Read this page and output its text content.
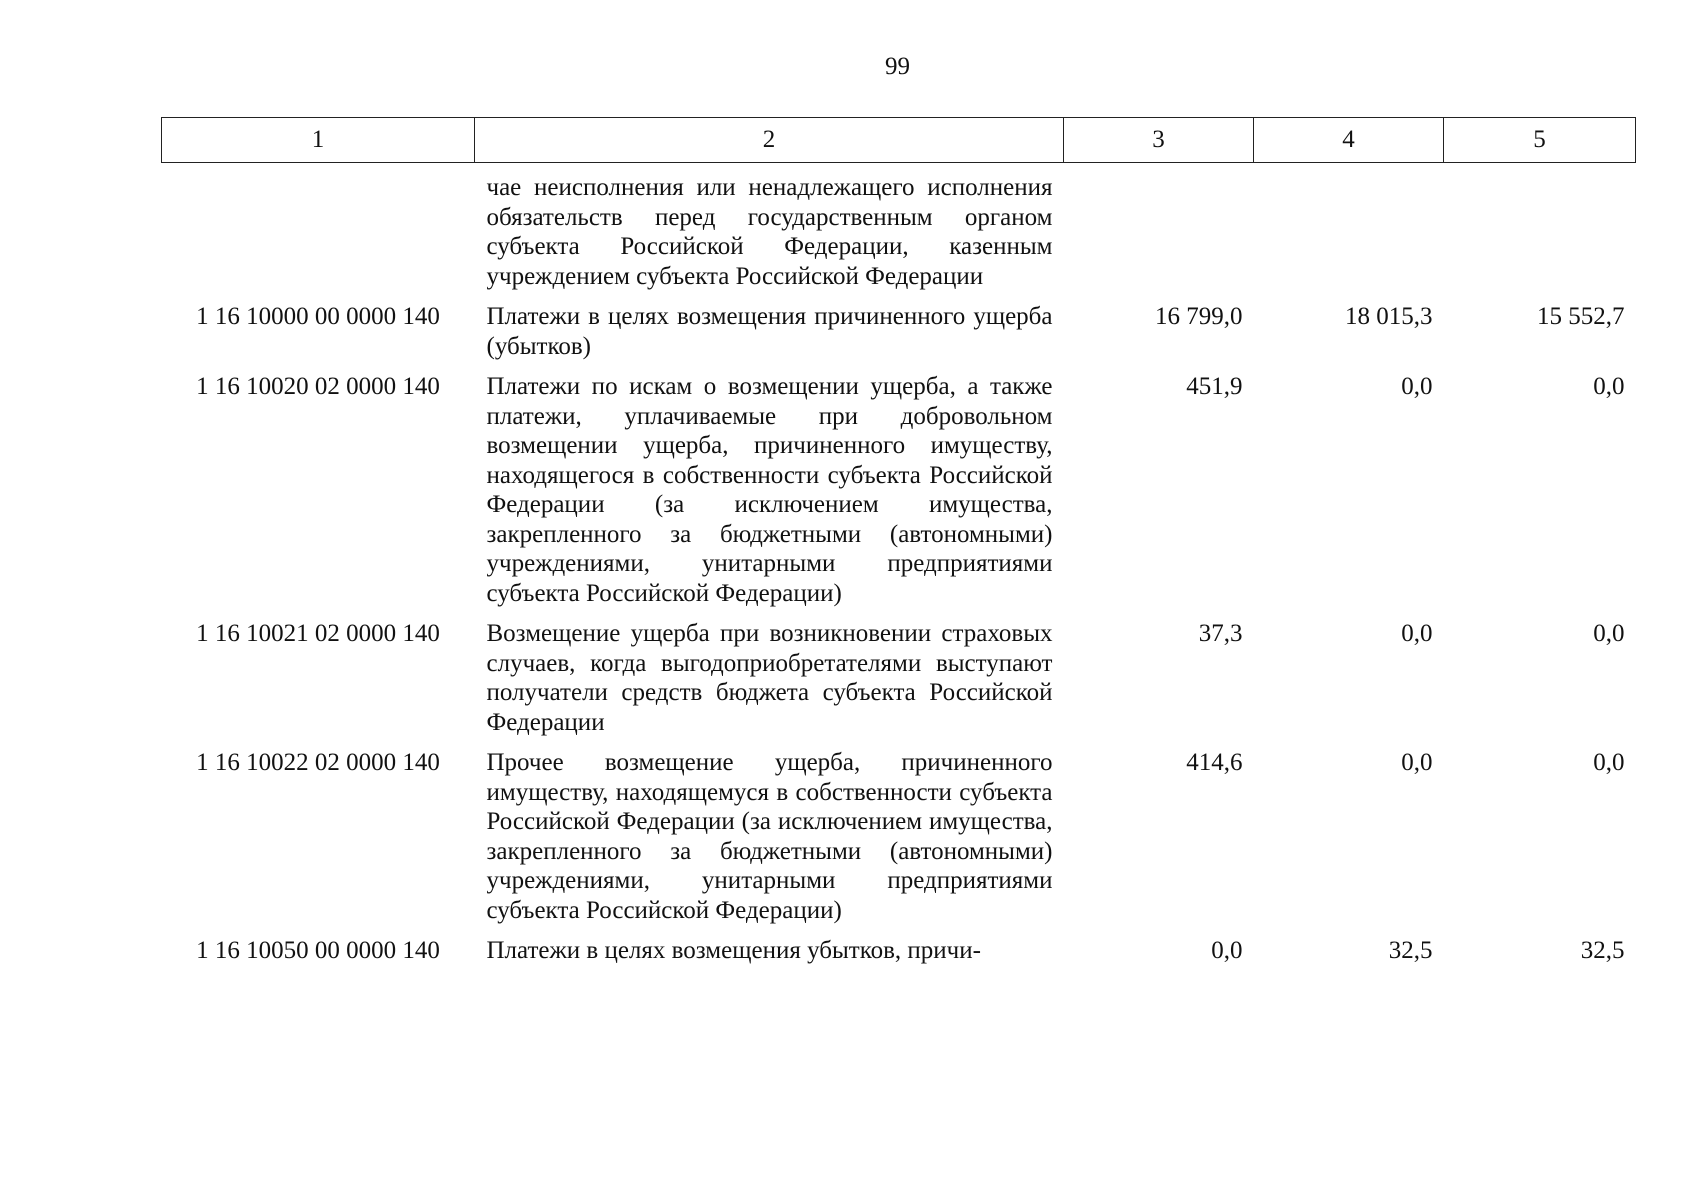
99
1	2	3	4	5
	чае неисполнения или ненадлежащего исполнения обязательств перед государственным органом субъекта Российской Федерации, казенным учреждением субъекта Российской Федерации			
1 16 10000 00 0000 140	Платежи в целях возмещения причиненного ущерба (убытков)	16 799,0	18 015,3	15 552,7
1 16 10020 02 0000 140	Платежи по искам о возмещении ущерба, а также платежи, уплачиваемые при добровольном возмещении ущерба, причиненного имуществу, находящегося в собственности субъекта Российской Федерации (за исключением имущества, закрепленного за бюджетными (автономными) учреждениями, унитарными предприятиями субъекта Российской Федерации)	451,9	0,0	0,0
1 16 10021 02 0000 140	Возмещение ущерба при возникновении страховых случаев, когда выгодоприобретателями выступают получатели средств бюджета субъекта Российской Федерации	37,3	0,0	0,0
1 16 10022 02 0000 140	Прочее возмещение ущерба, причиненного имуществу, находящемуся в собственности субъекта Российской Федерации (за исключением имущества, закрепленного за бюджетными (автономными) учреждениями, унитарными предприятиями субъекта Российской Федерации)	414,6	0,0	0,0
1 16 10050 00 0000 140	Платежи в целях возмещения убытков, причи-	0,0	32,5	32,5
